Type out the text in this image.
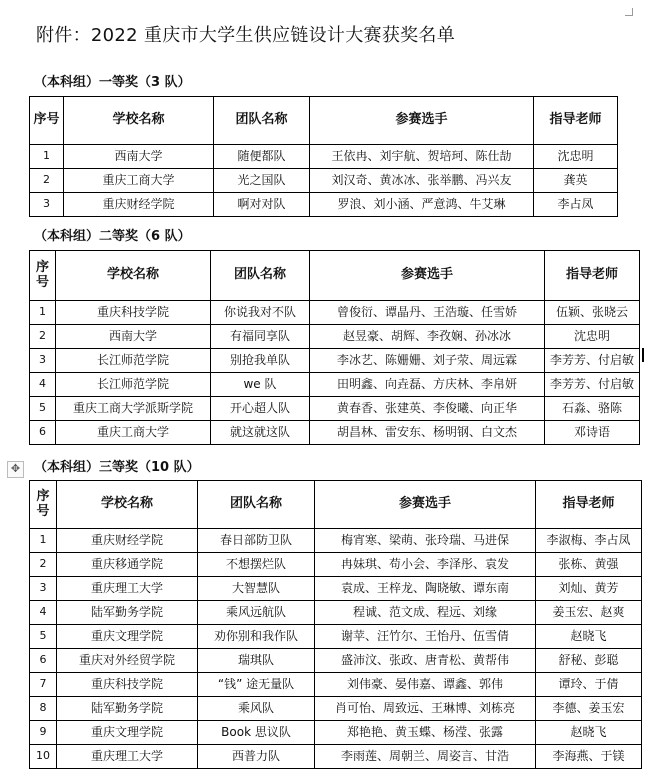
附件：2022 重庆市大学生供应链设计大赛获奖名单
（本科组）一等奖（3 队）
序号	学校名称	团队名称	参赛选手	指导老师
1	西南大学	随便都队	王依冉、刘宇航、贺培珂、陈仕劼	沈忠明
2	重庆工商大学	光之国队	刘汉奇、黄冰冰、张举鹏、冯兴友	龚英
3	重庆财经学院	啊对对队	罗浪、刘小涵、严意鸿、牛艾琳	李占凤
（本科组）二等奖（6 队）
序号	学校名称	团队名称	参赛选手	指导老师
1	重庆科技学院	你说我对不队	曾俊衍、谭晶丹、王浩璇、任雪娇	伍颖、张晓云
2	西南大学	有福同享队	赵昱豪、胡辉、李孜娴、孙冰冰	沈忠明
3	长江师范学院	别抢我单队	李冰艺、陈姗姗、刘子荥、周远霖	李芳芳、付启敏
4	长江师范学院	we 队	田明鑫、向垚磊、方庆林、李帛妍	李芳芳、付启敏
5	重庆工商大学派斯学院	开心超人队	黄春香、张建英、李俊曦、向正华	石淼、骆陈
6	重庆工商大学	就这就这队	胡昌林、雷安东、杨明钢、白文杰	邓诗语
✥ （本科组）三等奖（10 队）
序号	学校名称	团队名称	参赛选手	指导老师
1	重庆财经学院	春日部防卫队	梅宵寒、梁萌、张玲瑞、马进保	李淑梅、李占凤
2	重庆移通学院	不想摆烂队	冉妹琪、苟小会、李泽彤、袁发	张栋、黄强
3	重庆理工大学	大智慧队	袁成、王梓龙、陶晓敏、谭东南	刘灿、黄芳
4	陆军勤务学院	乘风远航队	程诚、范文成、程远、刘缘	姜玉宏、赵爽
5	重庆文理学院	劝你别和我作队	谢苹、汪竹尔、王怡丹、伍雪倩	赵晓飞
6	重庆对外经贸学院	瑞琪队	盛沛汶、张政、唐青松、黄帮伟	舒秘、彭聪
7	重庆科技学院	“钱” 途无量队	刘伟豪、晏伟嘉、谭鑫、郭伟	谭玲、于倩
8	陆军勤务学院	乘风队	肖可怡、周致远、王琳博、刘栋亮	李德、姜玉宏
9	重庆文理学院	Book 思议队	郑艳艳、黄玉蝶、杨滢、张露	赵晓飞
10	重庆理工大学	西普力队	李雨莲、周朝兰、周姿言、甘浩	李海燕、于镁
